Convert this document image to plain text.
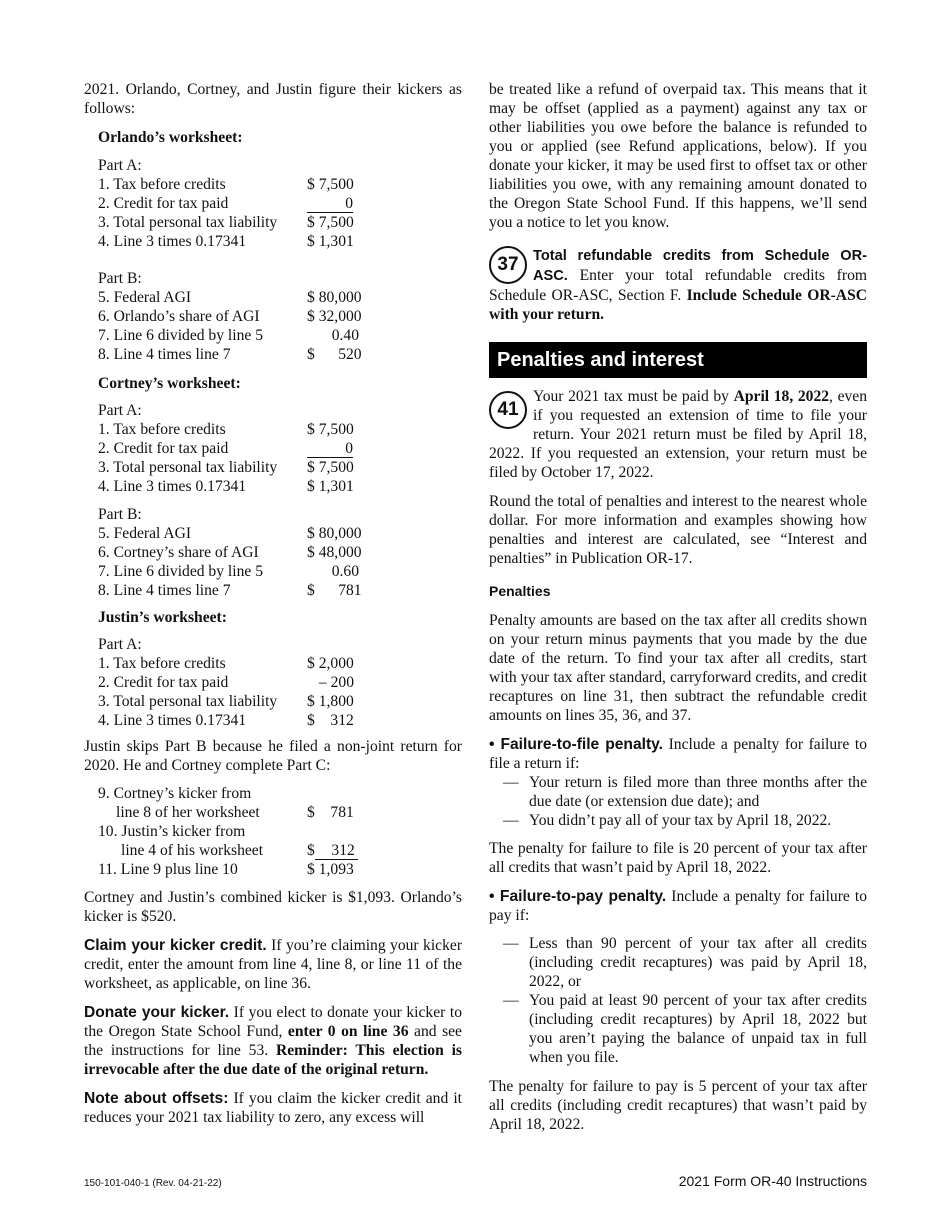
2021. Orlando, Cortney, and Justin figure their kickers as follows:

Orlando’s worksheet:

Part A:

1. Tax before credits	$ 7,500
2. Credit for tax paid	0
3. Total personal tax liability	$ 7,500
4. Line 3 times 0.17341	$ 1,301

Part B:

5. Federal AGI	$ 80,000
6. Orlando’s share of AGI	$ 32,000
7. Line 6 divided by line 5	0.40
8. Line 4 times line 7	$      520

Cortney’s worksheet:

Part A:

1. Tax before credits	$ 7,500
2. Credit for tax paid	0
3. Total personal tax liability	$ 7,500
4. Line 3 times 0.17341	$ 1,301

Part B:

5. Federal AGI	$ 80,000
6. Cortney’s share of AGI	$ 48,000
7. Line 6 divided by line 5	0.60
8. Line 4 times line 7	$      781

Justin’s worksheet:

Part A:

1. Tax before credits	$ 2,000
2. Credit for tax paid	– 200
3. Total personal tax liability	$ 1,800
4. Line 3 times 0.17341	$    312

Justin skips Part B because he filed a non-joint return for 2020. He and Cortney complete Part C:

9. Cortney’s kicker from
line 8 of her worksheet	$    781
10. Justin’s kicker from
line 4 of his worksheet	$ 312
11. Line 9 plus line 10	$ 1,093

Cortney and Justin’s combined kicker is $1,093. Orlando’s kicker is $520.

Claim your kicker credit. If you’re claiming your kicker credit, enter the amount from line 4, line 8, or line 11 of the worksheet, as applicable, on line 36.

Donate your kicker. If you elect to donate your kicker to the Oregon State School Fund, enter 0 on line 36 and see the instructions for line 53. Reminder: This election is irrevocable after the due date of the original return.

Note about offsets: If you claim the kicker credit and it reduces your 2021 tax liability to zero, any excess will

be treated like a refund of overpaid tax. This means that it may be offset (applied as a payment) against any tax or other liabilities you owe before the balance is refunded to you or applied (see Refund applications, below). If you donate your kicker, it may be used first to offset tax or other liabilities you owe, with any remaining amount donated to the Oregon State School Fund. If this happens, we’ll send you a notice to let you know.

37 Total refundable credits from Schedule OR-ASC. Enter your total refundable credits from Schedule OR-ASC, Section F. Include Schedule OR-ASC with your return.

Penalties and interest
41

Your 2021 tax must be paid by April 18, 2022, even if you requested an extension of time to file your return. Your 2021 return must be filed by April 18, 2022. If you requested an extension, your return must be filed by October 17, 2022.

Round the total of penalties and interest to the nearest whole dollar. For more information and examples showing how penalties and interest are calculated, see “Interest and penalties” in Publication OR-17.

Penalties

Penalty amounts are based on the tax after all credits shown on your return minus payments that you made by the due date of the return. To find your tax after all credits, start with your tax after standard, carryforward credits, and credit recaptures on line 31, then subtract the refundable credit amounts on lines 35, 36, and 37.

• Failure-to-file penalty. Include a penalty for failure to file a return if:

— Your return is filed more than three months after the due date (or extension due date); and
— You didn’t pay all of your tax by April 18, 2022.

The penalty for failure to file is 20 percent of your tax after all credits that wasn’t paid by April 18, 2022.

• Failure-to-pay penalty. Include a penalty for failure to pay if:

— Less than 90 percent of your tax after all credits (including credit recaptures) was paid by April 18, 2022, or
— You paid at least 90 percent of your tax after credits (including credit recaptures) by April 18, 2022 but you aren’t paying the balance of unpaid tax in full when you file.

The penalty for failure to pay is 5 percent of your tax after all credits (including credit recaptures) that wasn’t paid by April 18, 2022.

150-101-040-1 (Rev. 04-21-22)	2021 Form OR-40 Instructions
